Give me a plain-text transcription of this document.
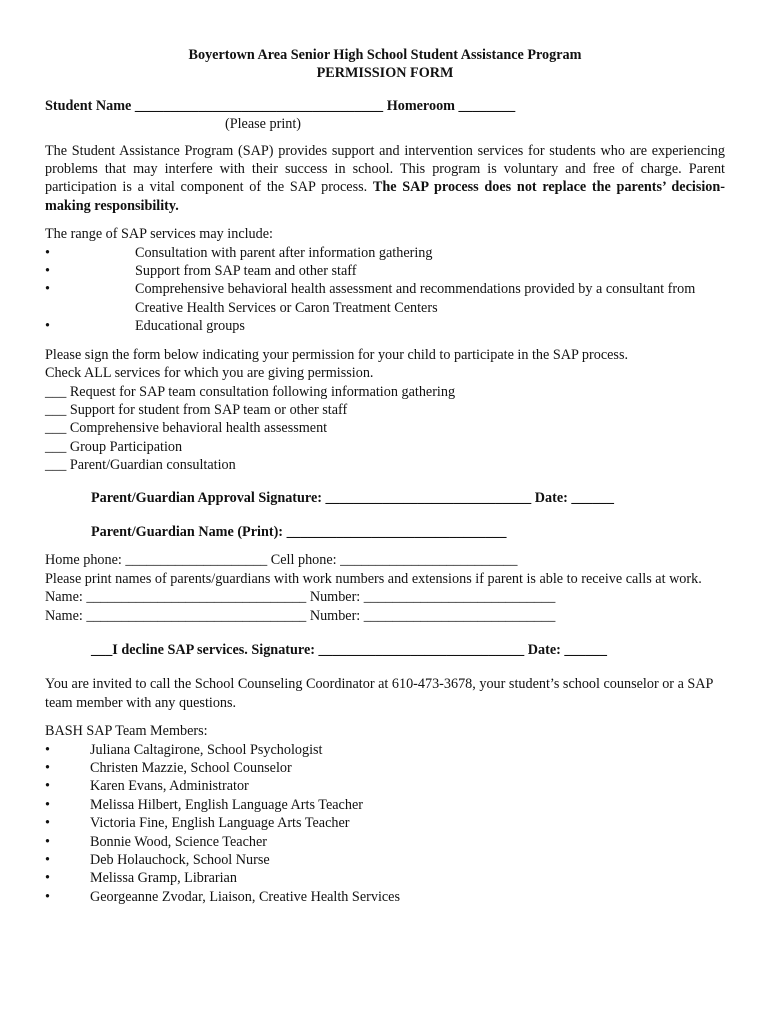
Boyertown Area Senior High School Student Assistance Program
PERMISSION FORM
Student Name ___________________________________ Homeroom ________
(Please print)
The Student Assistance Program (SAP) provides support and intervention services for students who are experiencing problems that may interfere with their success in school. This program is voluntary and free of charge. Parent participation is a vital component of the SAP process. The SAP process does not replace the parents’ decision-making responsibility.
The range of SAP services may include:
•	Consultation with parent after information gathering
•	Support from SAP team and other staff
•	Comprehensive behavioral health assessment and recommendations provided by a consultant from Creative Health Services or Caron Treatment Centers
•	Educational groups
Please sign the form below indicating your permission for your child to participate in the SAP process.
Check ALL services for which you are giving permission.
___ Request for SAP team consultation following information gathering
___ Support for student from SAP team or other staff
___ Comprehensive behavioral health assessment
___ Group Participation
___ Parent/Guardian consultation
Parent/Guardian Approval Signature: _____________________________ Date: ______
Parent/Guardian Name (Print): _______________________________
Home phone: ____________________ Cell phone: _________________________
Please print names of parents/guardians with work numbers and extensions if parent is able to receive calls at work.
Name: _______________________________ Number: ___________________________
Name: _______________________________ Number: ___________________________
___I decline SAP services. Signature: _____________________________ Date: ______
You are invited to call the School Counseling Coordinator at 610-473-3678, your student’s school counselor or a SAP team member with any questions.
BASH SAP Team Members:
•	Juliana Caltagirone, School Psychologist
•	Christen Mazzie, School Counselor
•	Karen Evans, Administrator
•	Melissa Hilbert, English Language Arts Teacher
•	Victoria Fine, English Language Arts Teacher
•	Bonnie Wood, Science Teacher
•	Deb Holauchock, School Nurse
•	Melissa Gramp, Librarian
•	Georgeanne Zvodar, Liaison, Creative Health Services
